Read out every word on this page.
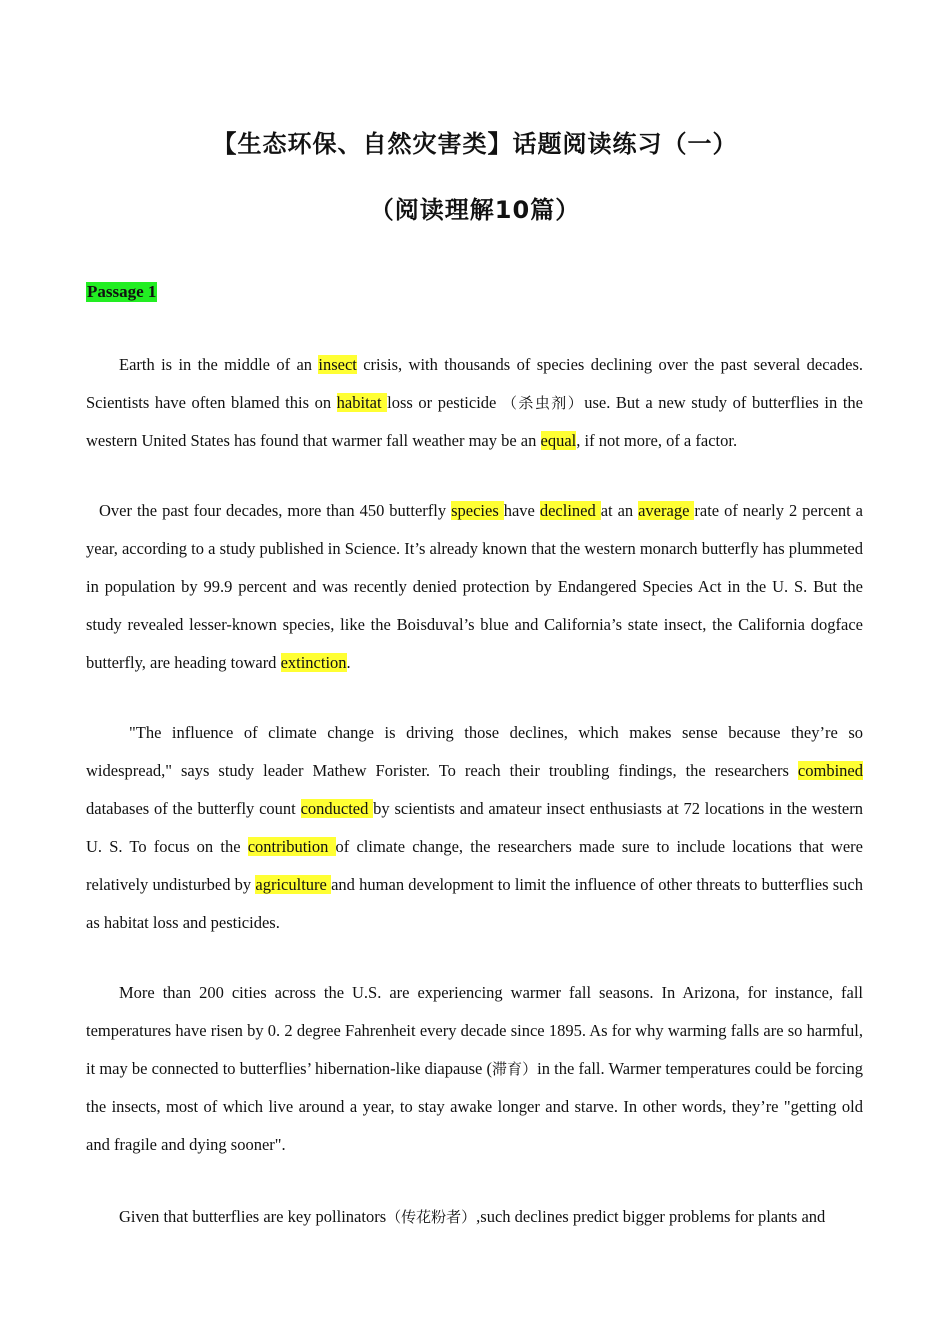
【生态环保、自然灾害类】话题阅读练习（一）
（阅读理解10篇）
Passage 1
Earth is in the middle of an insect crisis, with thousands of species declining over the past several decades. Scientists have often blamed this on habitat loss or pesticide （杀虫剂）use. But a new study of butterflies in the western United States has found that warmer fall weather may be an equal, if not more, of a factor.
Over the past four decades, more than 450 butterfly species have declined at an average rate of nearly 2 percent a year, according to a study published in Science. It’s already known that the western monarch butterfly has plummeted in population by 99.9 percent and was recently denied protection by Endangered Species Act in the U. S. But the study revealed lesser-known species, like the Boisduval’s blue and California’s state insect, the California dogface butterfly, are heading toward extinction.
"The influence of climate change is driving those declines, which makes sense because they’re so widespread," says study leader Mathew Forister. To reach their troubling findings, the researchers combined databases of the butterfly count conducted by scientists and amateur insect enthusiasts at 72 locations in the western U. S. To focus on the contribution of climate change, the researchers made sure to include locations that were relatively undisturbed by agriculture and human development to limit the influence of other threats to butterflies such as habitat loss and pesticides.
More than 200 cities across the U.S. are experiencing warmer fall seasons. In Arizona, for instance, fall temperatures have risen by 0. 2 degree Fahrenheit every decade since 1895. As for why warming falls are so harmful, it may be connected to butterflies’ hibernation-like diapause (滞育）in the fall. Warmer temperatures could be forcing the insects, most of which live around a year, to stay awake longer and starve. In other words, they’re "getting old and fragile and dying sooner".
Given that butterflies are key pollinators（传花粉者）,such declines predict bigger problems for plants and
